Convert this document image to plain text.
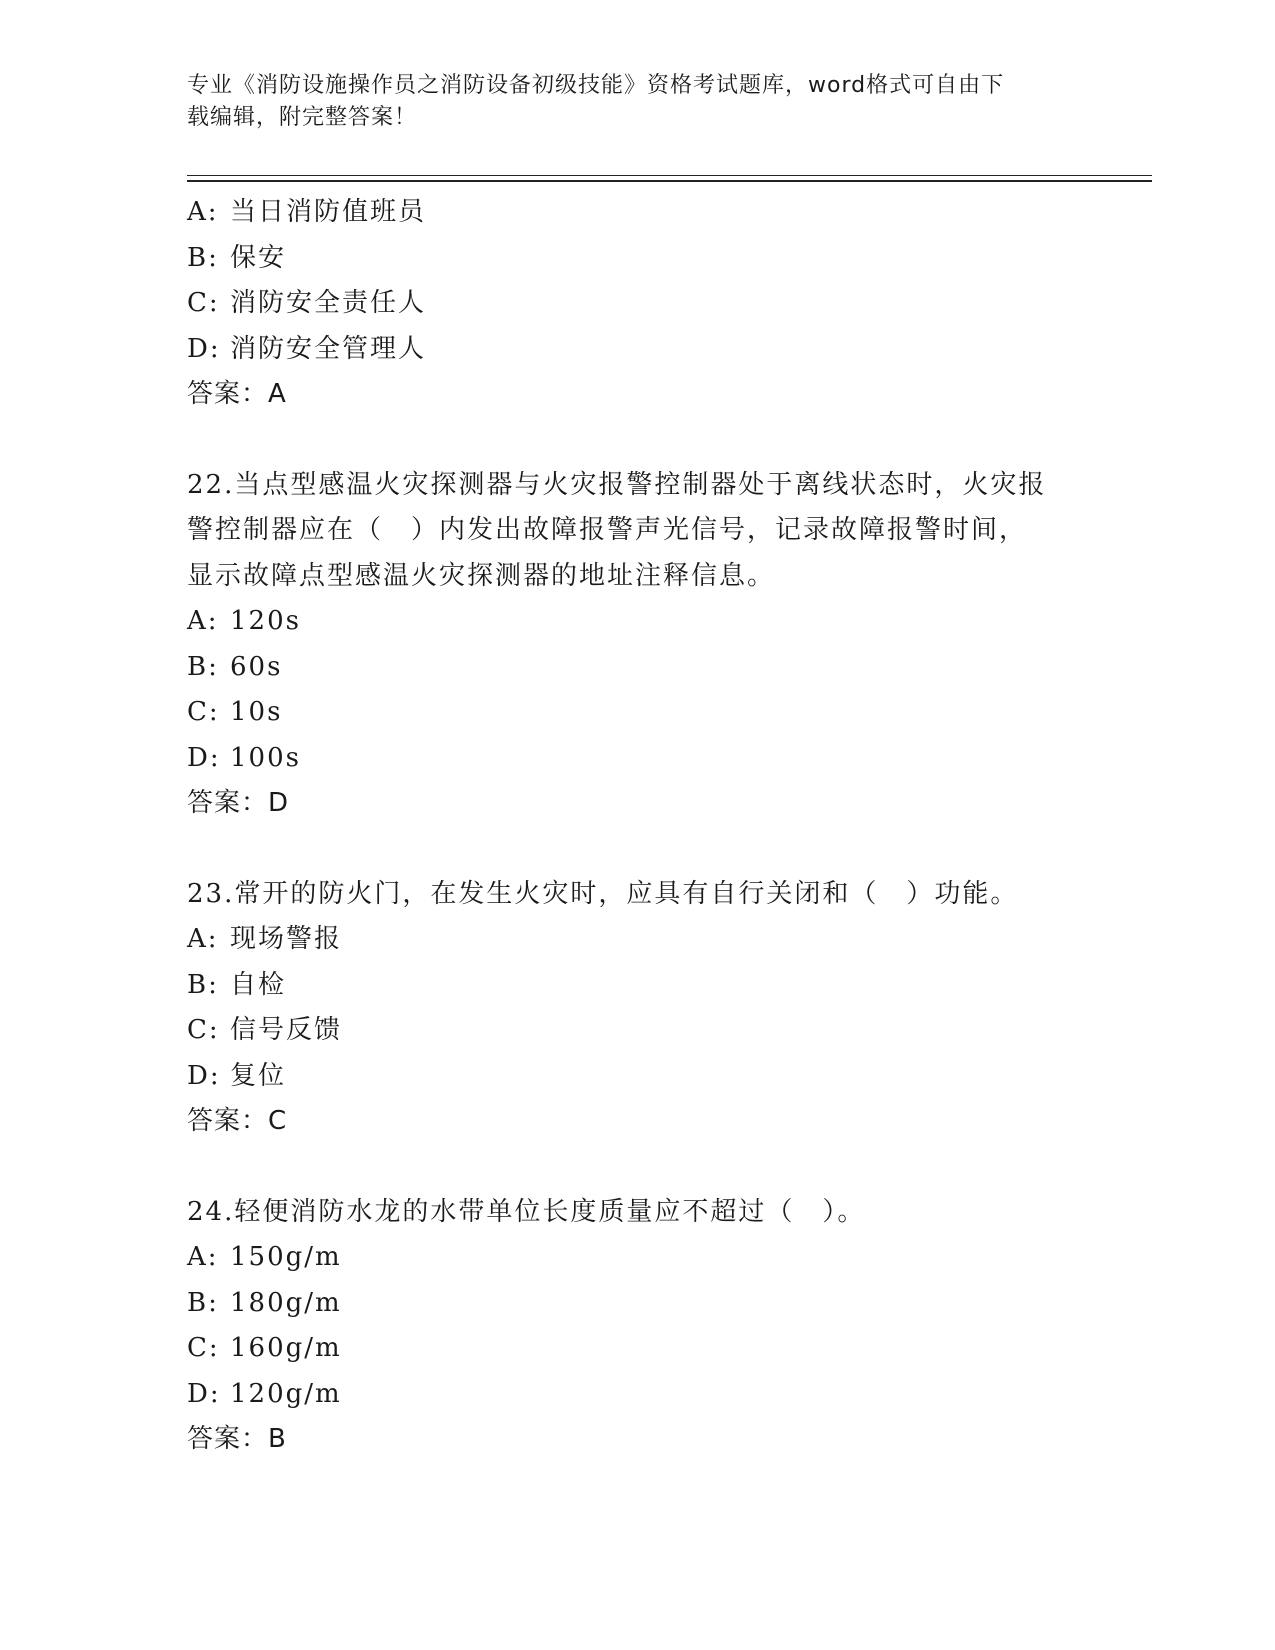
专业《消防设施操作员之消防设备初级技能》资格考试题库，word格式可自由下
载编辑，附完整答案！
A: 当日消防值班员
B: 保安
C: 消防安全责任人
D: 消防安全管理人
答案：A
22.当点型感温火灾探测器与火灾报警控制器处于离线状态时，火灾报
警控制器应在（　）内发出故障报警声光信号，记录故障报警时间，
显示故障点型感温火灾探测器的地址注释信息。
A: 120s
B: 60s
C: 10s
D: 100s
答案：D
23.常开的防火门，在发生火灾时，应具有自行关闭和（　）功能。
A: 现场警报
B: 自检
C: 信号反馈
D: 复位
答案：C
24.轻便消防水龙的水带单位长度质量应不超过（　）。
A: 150g/m
B: 180g/m
C: 160g/m
D: 120g/m
答案：B
